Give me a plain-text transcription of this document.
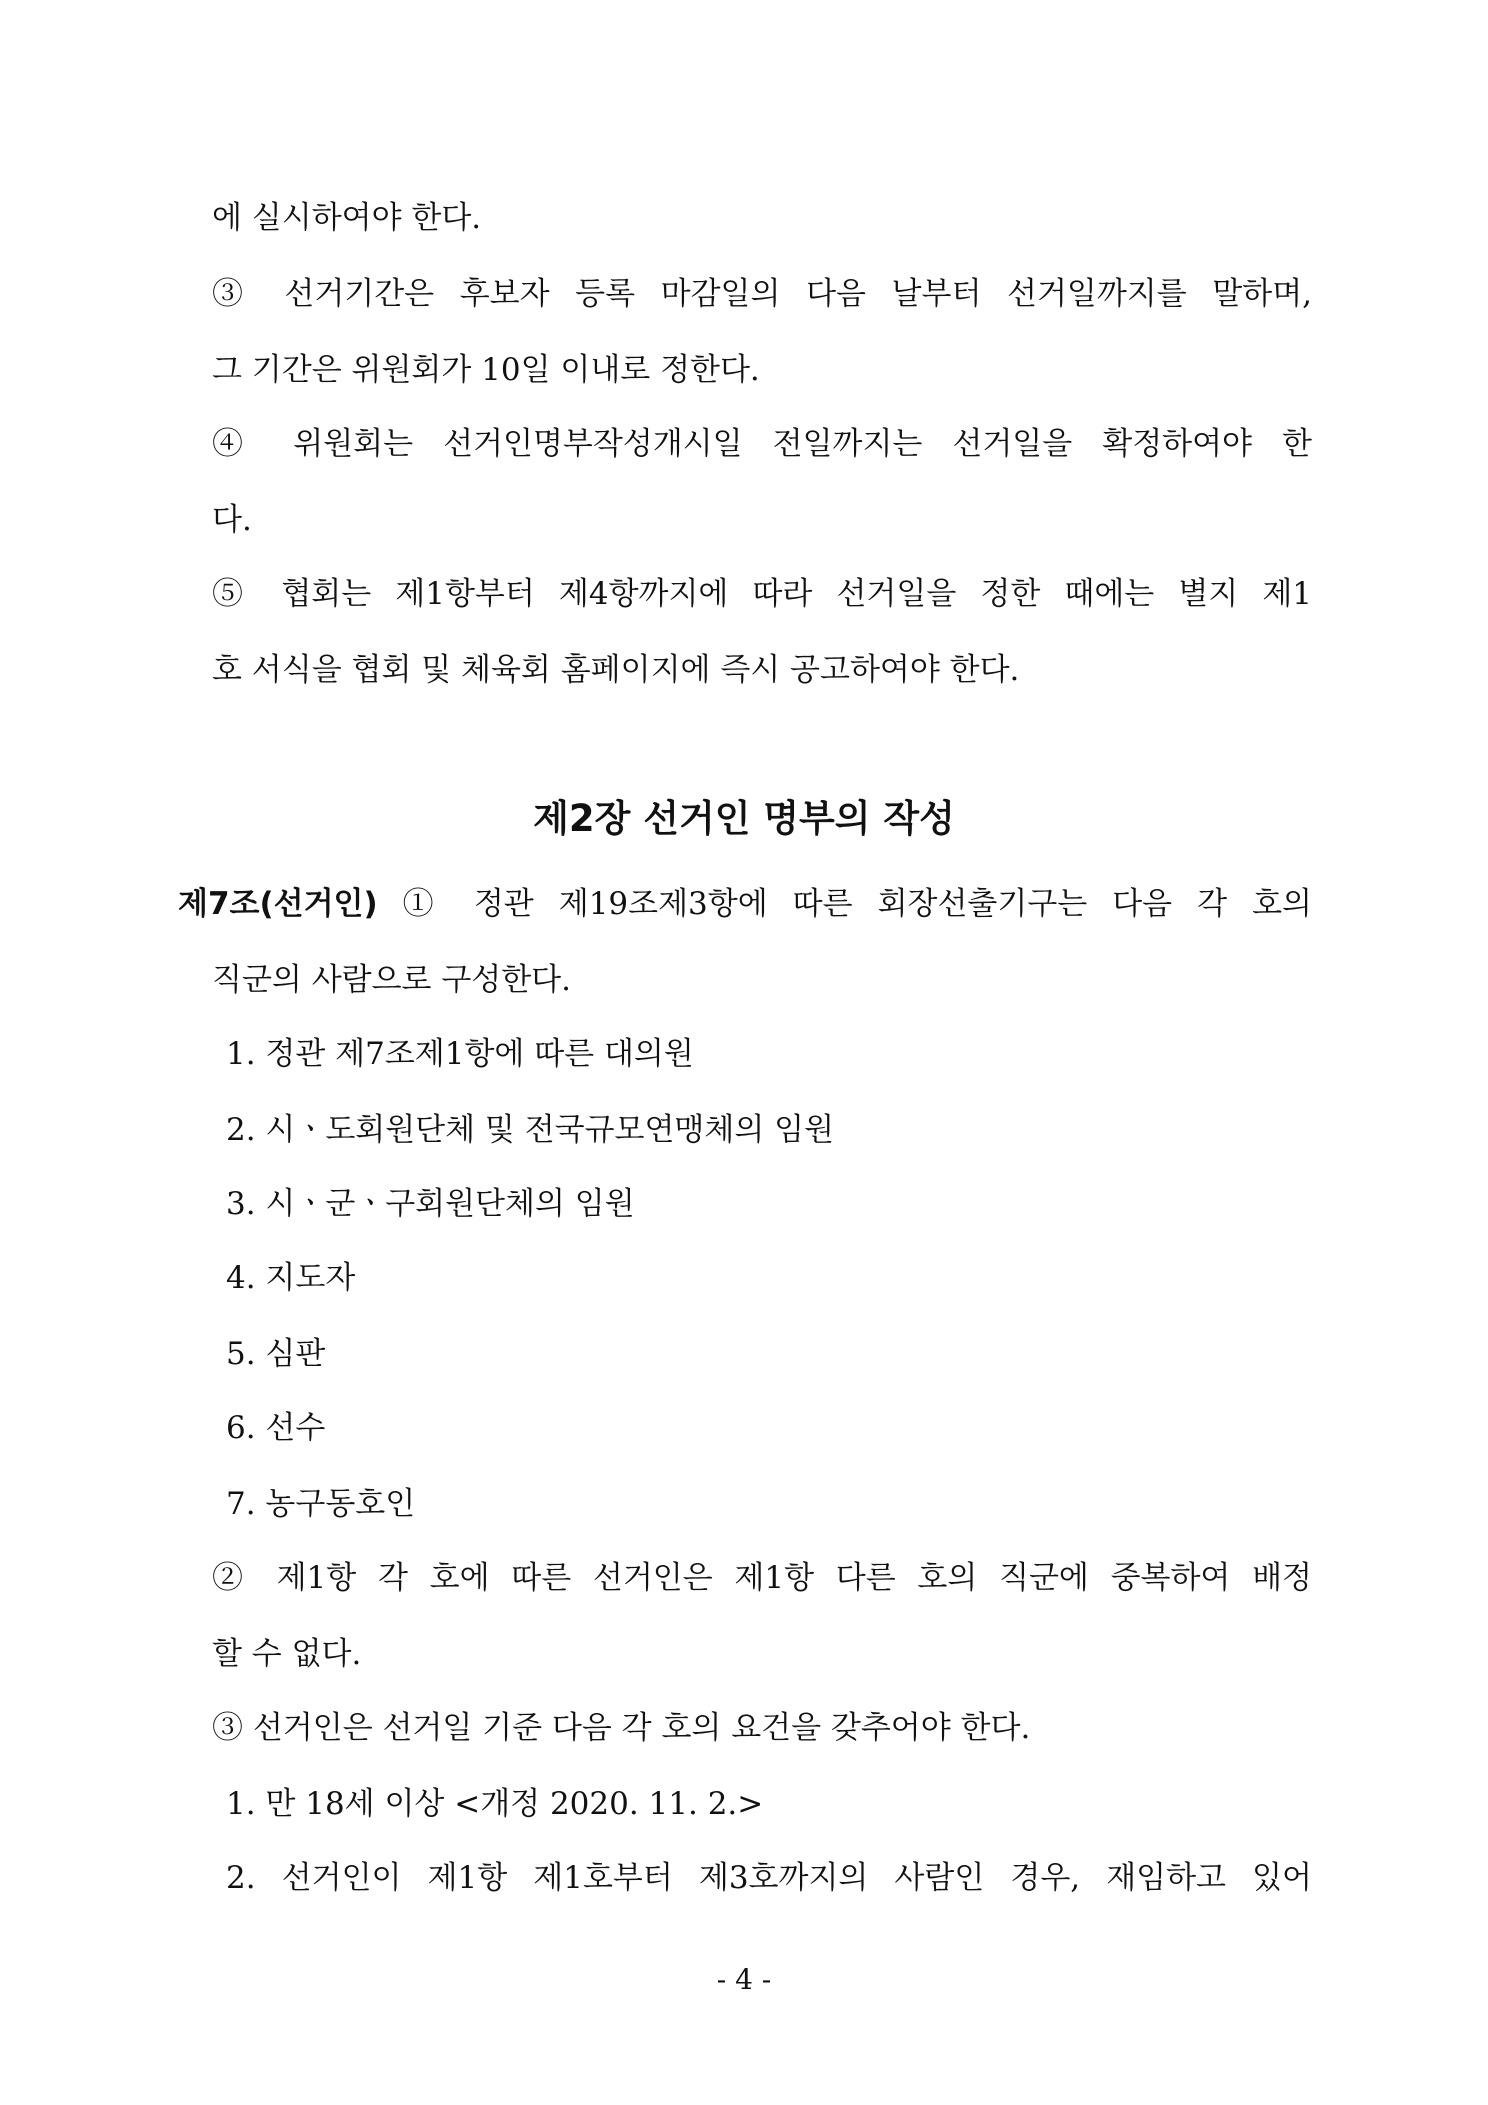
에 실시하여야 한다.
③ 선거기간은 후보자 등록 마감일의 다음 날부터 선거일까지를 말하며,
그 기간은 위원회가 10일 이내로 정한다.
④ 위원회는 선거인명부작성개시일 전일까지는 선거일을 확정하여야 한
다.
⑤ 협회는 제1항부터 제4항까지에 따라 선거일을 정한 때에는 별지 제1
호 서식을 협회 및 체육회 홈페이지에 즉시 공고하여야 한다.
제2장 선거인 명부의 작성
제7조(선거인) ① 정관 제19조제3항에 따른 회장선출기구는 다음 각 호의
직군의 사람으로 구성한다.
1. 정관 제7조제1항에 따른 대의원
2. 시ㆍ도회원단체 및 전국규모연맹체의 임원
3. 시ㆍ군ㆍ구회원단체의 임원
4. 지도자
5. 심판
6. 선수
7. 농구동호인
② 제1항 각 호에 따른 선거인은 제1항 다른 호의 직군에 중복하여 배정
할 수 없다.
③ 선거인은 선거일 기준 다음 각 호의 요건을 갖추어야 한다.
1. 만 18세 이상 <개정 2020. 11. 2.>
2. 선거인이 제1항 제1호부터 제3호까지의 사람인 경우, 재임하고 있어
- 4 -
